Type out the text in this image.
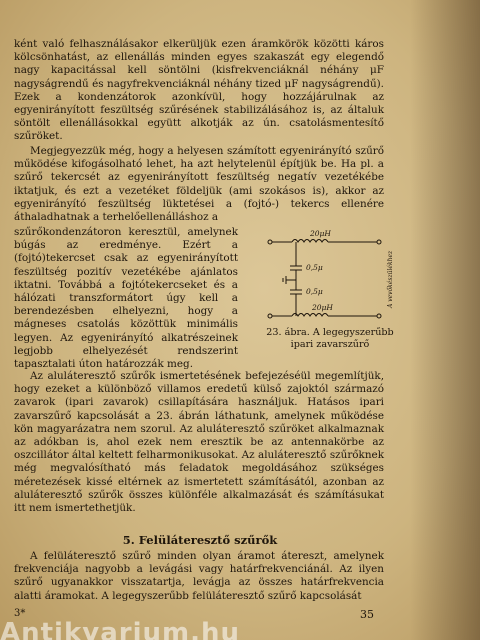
ként való felhasználásakor elkerüljük ezen áramkörök közötti káros kölcsönhatást, az ellenállás minden egyes szakaszát egy elegendő nagy kapacitással kell söntölni (kisfrekvenciáknál néhány μF nagyságrendű és nagyfrekvenciáknál néhány tized μF nagyságrendű). Ezek a kondenzátorok azonkívül, hogy hozzájárulnak az egyenirányított feszültség szűrésének stabilizálásához is, az általuk söntölt ellenállásokkal együtt alkotják az ún. csatolásmentesítő szűröket.

Megjegyezzük még, hogy a helyesen számított egyenirányító szűrő működése kifogásolható lehet, ha azt helytelenül építjük be. Ha pl. a szűrő tekercsét az egyenirányított feszültség negatív vezetékébe iktatjuk, és ezt a vezetéket földeljük (ami szokásos is), akkor az egyenirányító feszültség lüktetései a (fojtó-) tekercs ellenére áthaladhatnak a terhelőellenálláshoz a

szűrőkondenzátoron keresztül, amelynek búgás az eredménye. Ezért a (fojtó)tekercset csak az egyenirányított feszültség pozitív vezetékébe ajánlatos iktatni. Továbbá a fojtótekercseket és a hálózati transzformátort úgy kell a berendezésben elhelyezni, hogy a mágneses csatolás közöttük minimális legyen. Az egyenirányító alkatrészeinek legjobb elhelyezését rendszerint tapasztalati úton határozzák meg.

20μH
20μH
0,5μ
0,5μ	A vevőkészülékhez
23. ábra. A legegyszerűbb
ipari zavarszűrő

Az aluláteresztő szűrők ismertetésének befejezéséül megemlítjük, hogy ezeket a különböző villamos eredetű külső zajoktól származó zavarok (ipari zavarok) csillapítására használjuk. Hatásos ipari zavarszűrő kapcsolását a 23. ábrán láthatunk, amelynek működése kön magyarázatra nem szorul. Az aluláteresztő szűröket alkalmaznak az adókban is, ahol ezek nem eresztik be az antennakörbe az oszcillátor által keltett felharmonikusokat. Az aluláteresztő szűrőknek még megvalósítható más feladatok megoldásához szükséges méretezések kissé eltérnek az ismertetett számításától, azonban az aluláteresztő szűrők összes különféle alkalmazását és számításukat itt nem ismertethetjük.

5. Felüláteresztő szűrők

A felüláteresztő szűrő minden olyan áramot átereszt, amelynek frekvenciája nagyobb a levágási vagy határfrekvenciánál. Az ilyen szűrő ugyanakkor visszatartja, levágja az összes határfrekvencia alatti áramokat. A legegyszerűbb felüláteresztő szűrő kapcsolását

3*	35
Antikvarium.hu
